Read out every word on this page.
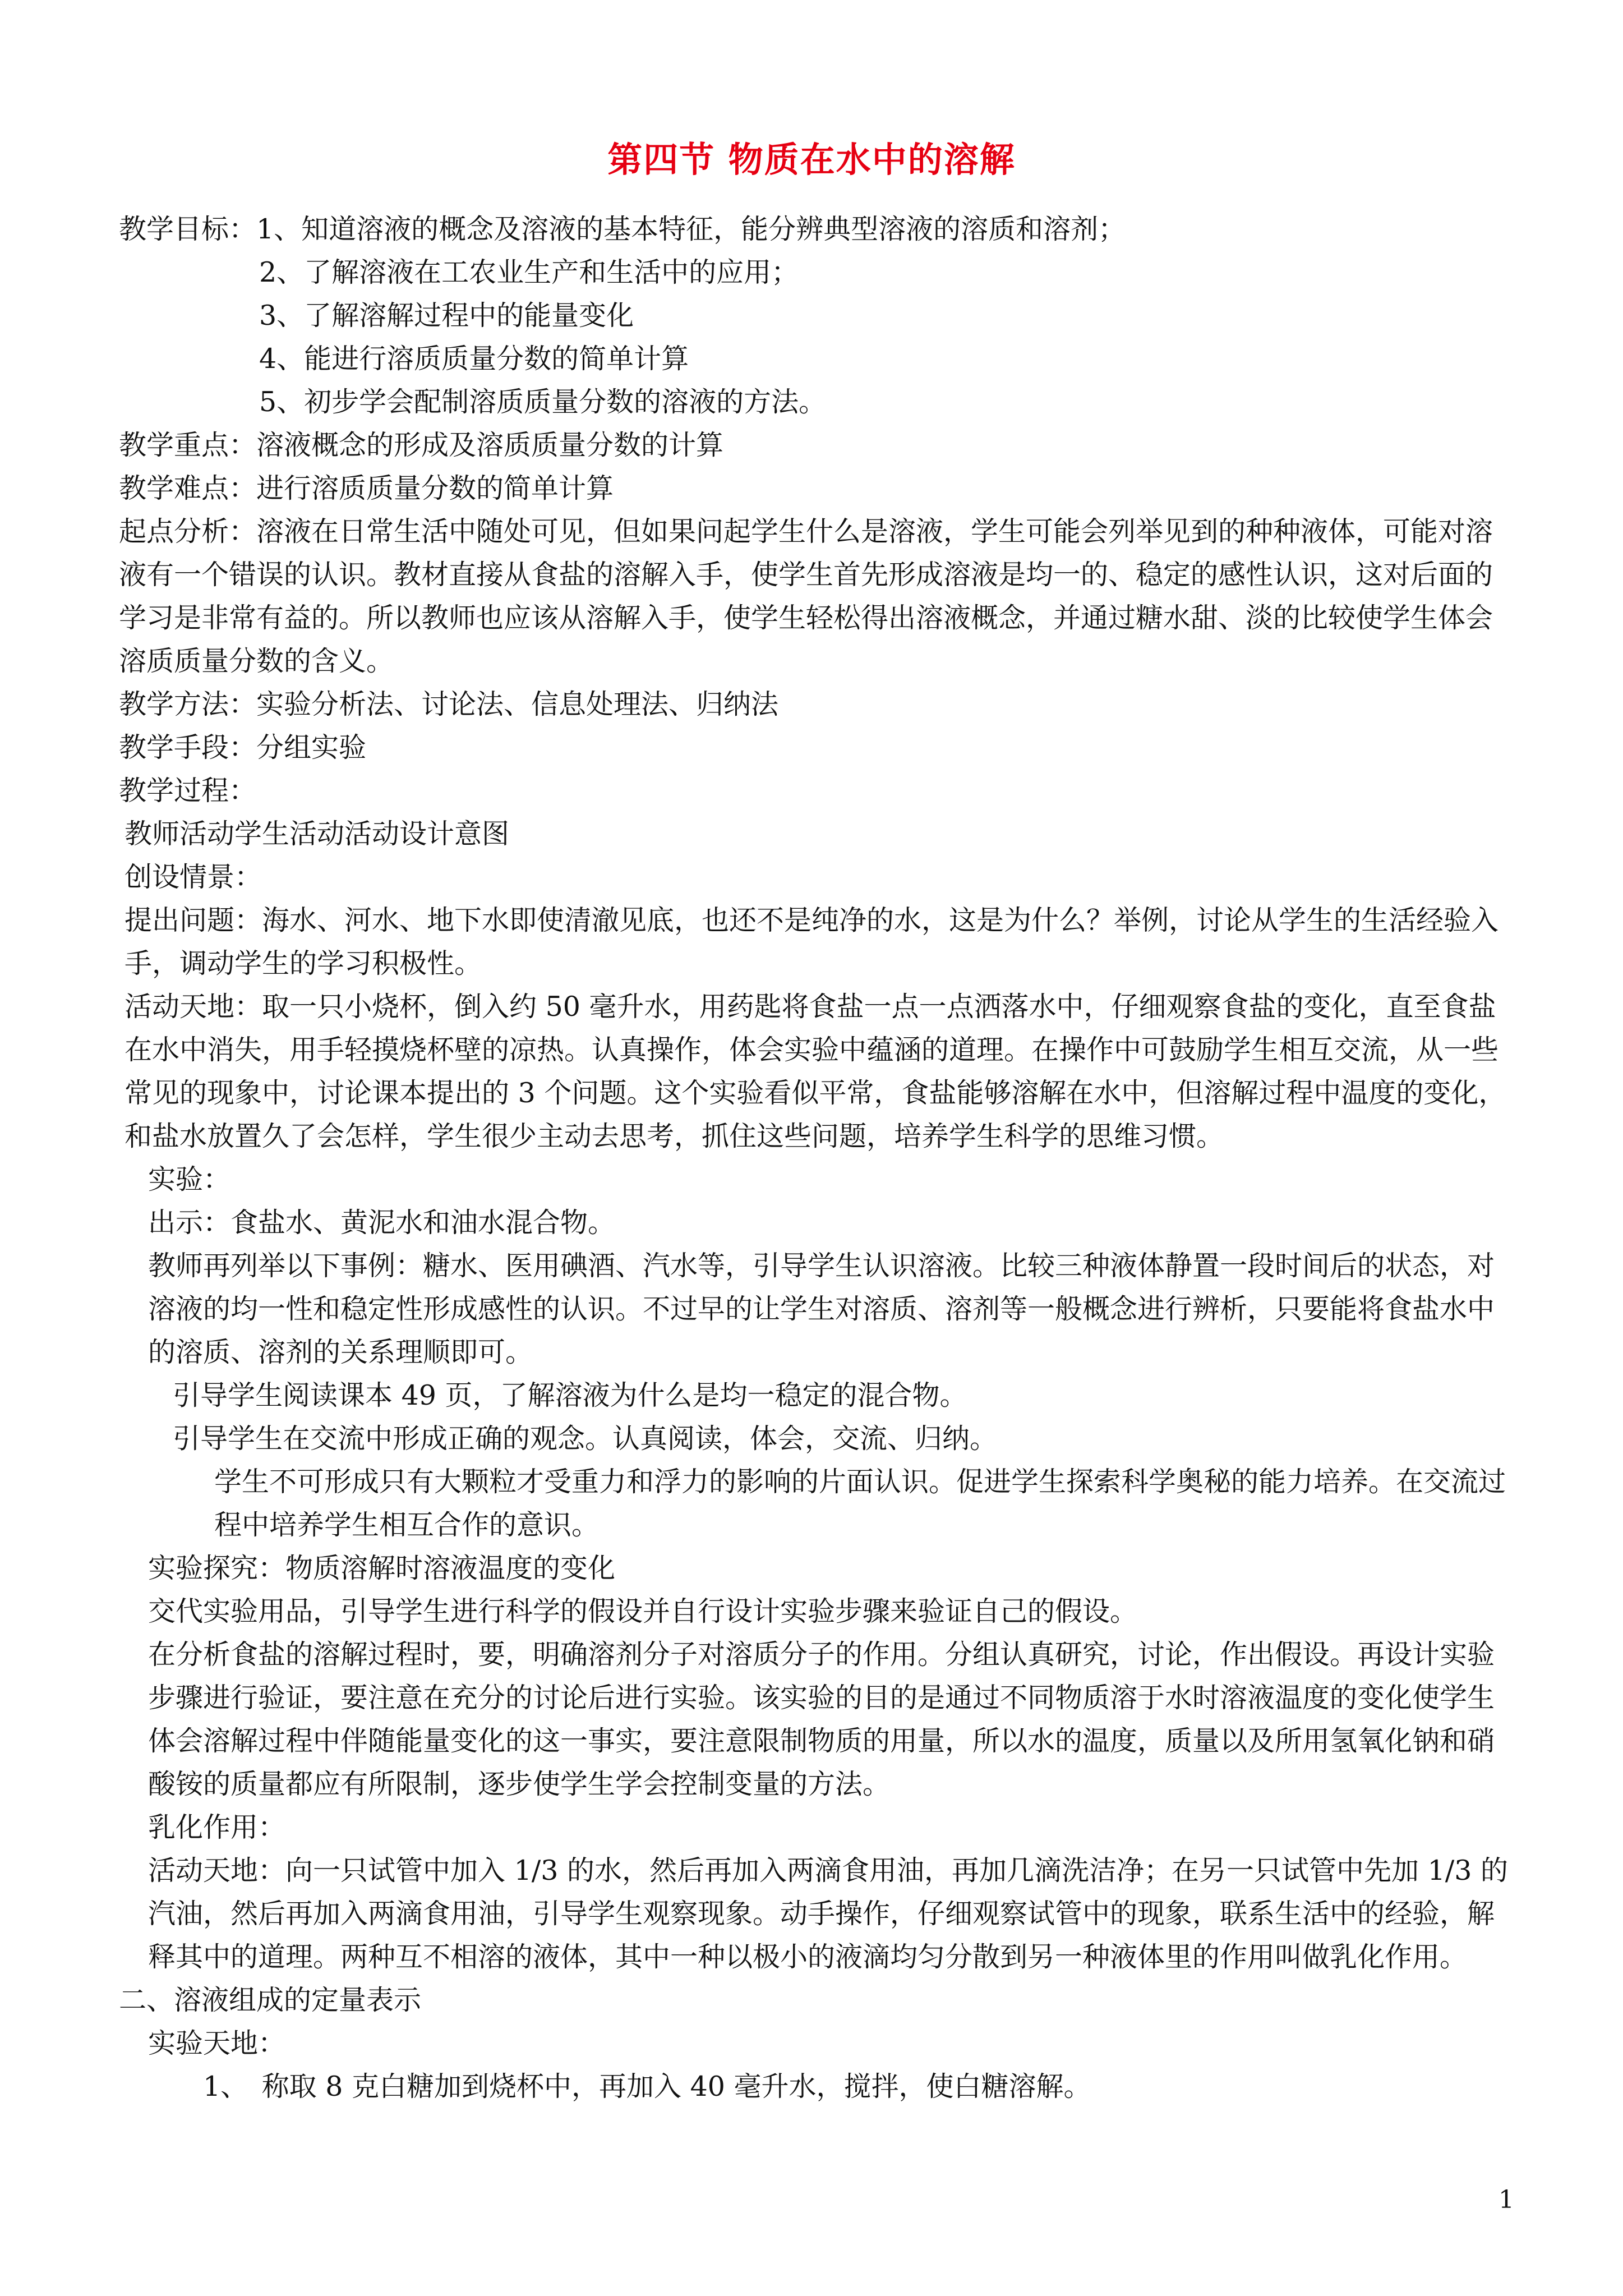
第四节 物质在水中的溶解

教学目标：1、知道溶液的概念及溶液的基本特征，能分辨典型溶液的溶质和溶剂；

2、了解溶液在工农业生产和生活中的应用；

3、了解溶解过程中的能量变化

4、能进行溶质质量分数的简单计算

5、初步学会配制溶质质量分数的溶液的方法。

教学重点：溶液概念的形成及溶质质量分数的计算

教学难点：进行溶质质量分数的简单计算

起点分析：溶液在日常生活中随处可见，但如果问起学生什么是溶液，学生可能会列举见到的种种液体，可能对溶液有一个错误的认识。教材直接从食盐的溶解入手，使学生首先形成溶液是均一的、稳定的感性认识，这对后面的学习是非常有益的。所以教师也应该从溶解入手，使学生轻松得出溶液概念，并通过糖水甜、淡的比较使学生体会溶质质量分数的含义。

教学方法：实验分析法、讨论法、信息处理法、归纳法

教学手段：分组实验

教学过程：

教师活动学生活动活动设计意图

创设情景：

提出问题：海水、河水、地下水即使清澈见底，也还不是纯净的水，这是为什么？举例，讨论从学生的生活经验入手，调动学生的学习积极性。

活动天地：取一只小烧杯，倒入约 50 毫升水，用药匙将食盐一点一点洒落水中，仔细观察食盐的变化，直至食盐在水中消失，用手轻摸烧杯壁的凉热。认真操作，体会实验中蕴涵的道理。在操作中可鼓励学生相互交流，从一些常见的现象中，讨论课本提出的 3 个问题。这个实验看似平常，食盐能够溶解在水中，但溶解过程中温度的变化，和盐水放置久了会怎样，学生很少主动去思考，抓住这些问题，培养学生科学的思维习惯。

实验：

出示：食盐水、黄泥水和油水混合物。

教师再列举以下事例：糖水、医用碘酒、汽水等，引导学生认识溶液。比较三种液体静置一段时间后的状态，对溶液的均一性和稳定性形成感性的认识。不过早的让学生对溶质、溶剂等一般概念进行辨析，只要能将食盐水中的溶质、溶剂的关系理顺即可。

引导学生阅读课本 49 页，了解溶液为什么是均一稳定的混合物。

引导学生在交流中形成正确的观念。认真阅读，体会，交流、归纳。

学生不可形成只有大颗粒才受重力和浮力的影响的片面认识。促进学生探索科学奥秘的能力培养。在交流过程中培养学生相互合作的意识。

实验探究：物质溶解时溶液温度的变化

交代实验用品，引导学生进行科学的假设并自行设计实验步骤来验证自己的假设。

在分析食盐的溶解过程时，要，明确溶剂分子对溶质分子的作用。分组认真研究，讨论，作出假设。再设计实验步骤进行验证，要注意在充分的讨论后进行实验。该实验的目的是通过不同物质溶于水时溶液温度的变化使学生体会溶解过程中伴随能量变化的这一事实，要注意限制物质的用量，所以水的温度，质量以及所用氢氧化钠和硝酸铵的质量都应有所限制，逐步使学生学会控制变量的方法。

乳化作用：

活动天地：向一只试管中加入 1/3 的水，然后再加入两滴食用油，再加几滴洗洁净；在另一只试管中先加 1/3 的汽油，然后再加入两滴食用油，引导学生观察现象。动手操作，仔细观察试管中的现象，联系生活中的经验，解释其中的道理。两种互不相溶的液体，其中一种以极小的液滴均匀分散到另一种液体里的作用叫做乳化作用。

二、溶液组成的定量表示

实验天地：

1、　称取 8 克白糖加到烧杯中，再加入 40 毫升水，搅拌，使白糖溶解。

1
